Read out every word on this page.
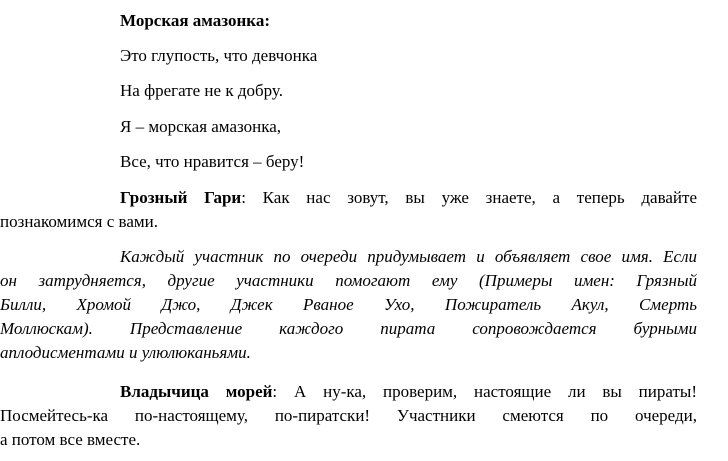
Морская амазонка:
Это глупость, что девчонка
На фрегате не к добру.
Я – морская амазонка,
Все, что нравится – беру!
Грозный Гари: Как нас зовут, вы уже знаете, а теперь давайте
познакомимся с вами.
Каждый участник по очереди придумывает и объявляет свое имя. Если
он затрудняется, другие участники помогают ему (Примеры имен: Грязный
Билли, Хромой Джо, Джек Рваное Ухо, Пожиратель Акул, Смерть
Моллюскам). Представление каждого пирата сопровождается бурными
аплодисментами и улюлюканьями.
Владычица морей: А ну-ка, проверим, настоящие ли вы пираты!
Посмейтесь-ка по-настоящему, по-пиратски! Участники смеются по очереди,
а потом все вместе.
